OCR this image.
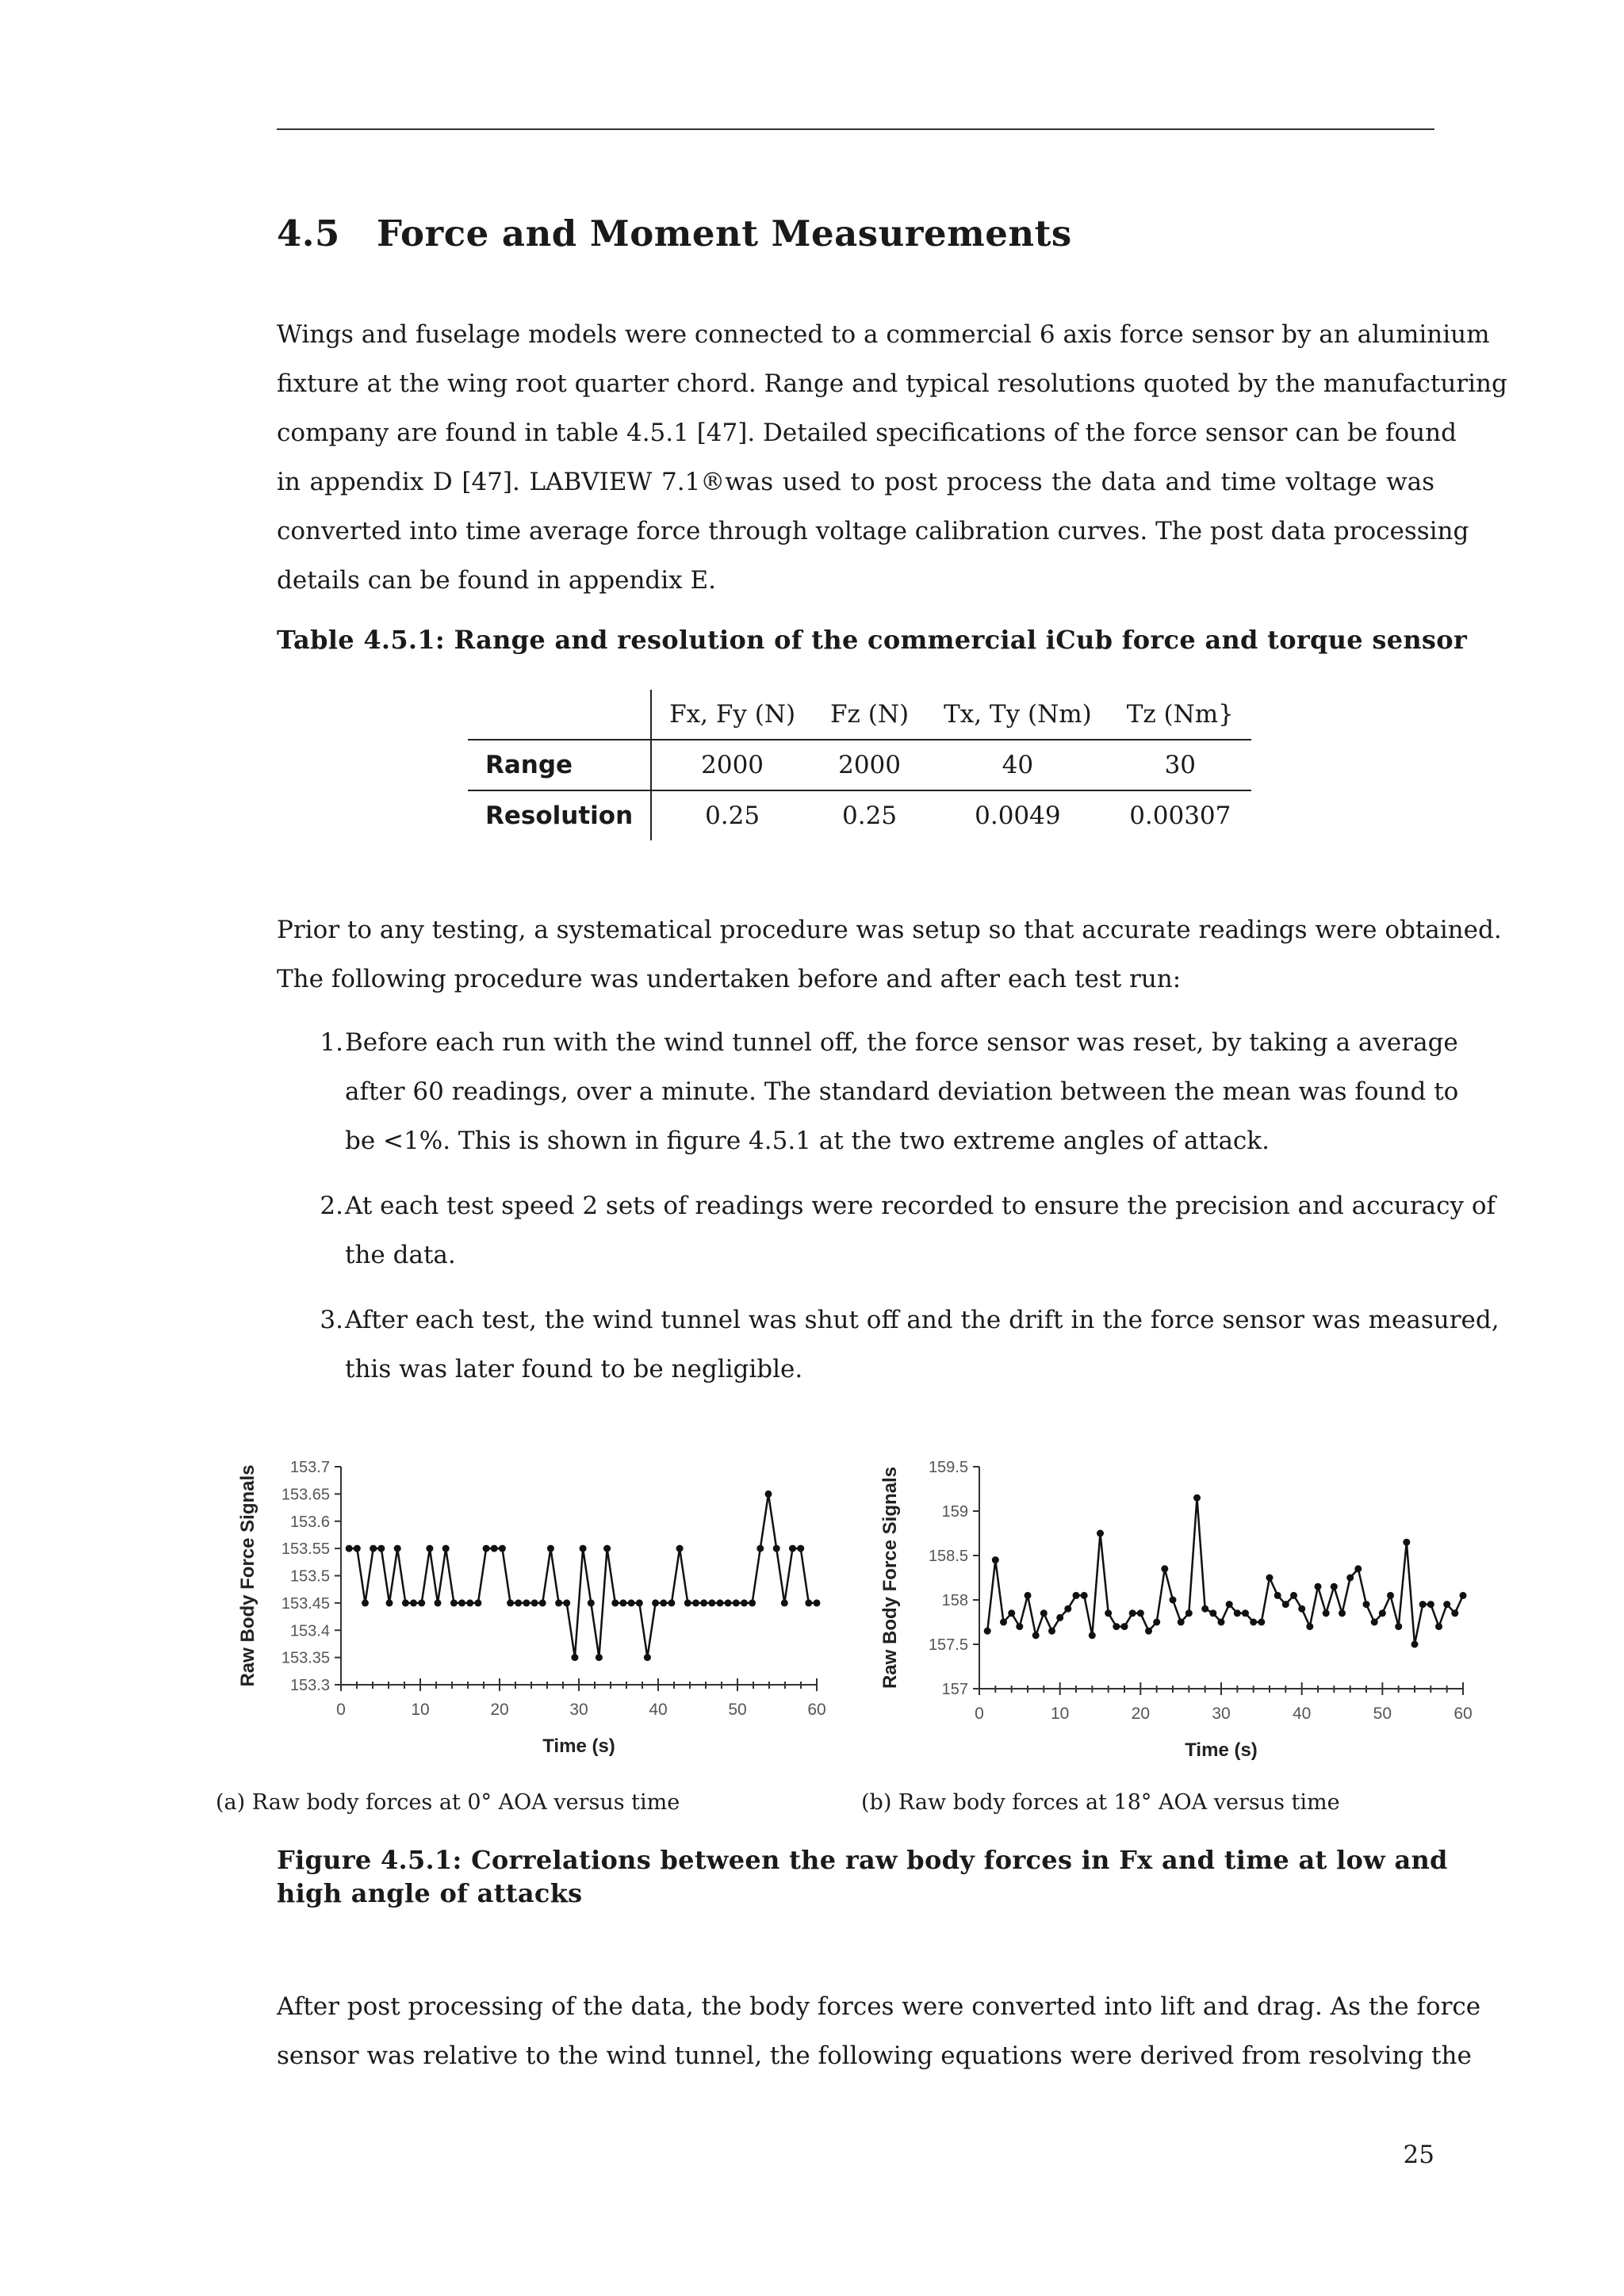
4.5 Force and Moment Measurements
Wings and fuselage models were connected to a commercial 6 axis force sensor by an aluminium
fixture at the wing root quarter chord. Range and typical resolutions quoted by the manufacturing
company are found in table 4.5.1 [47]. Detailed specifications of the force sensor can be found
in appendix D [47]. LABVIEW 7.1®was used to post process the data and time voltage was
converted into time average force through voltage calibration curves. The post data processing
details can be found in appendix E.
Table 4.5.1: Range and resolution of the commercial iCub force and torque sensor
	Fx, Fy (N)	Fz (N)	Tx, Ty (Nm)	Tz (Nm}
Range	2000	2000	40	30
Resolution	0.25	0.25	0.0049	0.00307
Prior to any testing, a systematical procedure was setup so that accurate readings were obtained.
The following procedure was undertaken before and after each test run:
1. Before each run with the wind tunnel off, the force sensor was reset, by taking a average
after 60 readings, over a minute. The standard deviation between the mean was found to
be <1%. This is shown in figure 4.5.1 at the two extreme angles of attack.
2. At each test speed 2 sets of readings were recorded to ensure the precision and accuracy of
the data.
3. After each test, the wind tunnel was shut off and the drift in the force sensor was measured,
this was later found to be negligible.
153.3
153.35
153.4
153.45
153.5
153.55
153.6
153.65
153.7
0	10	20	30	40	50	60
Time (s)
Raw Body Force Signals
157
157.5
158
158.5
159
159.5
0	10	20	30	40	50	60
Time (s)
Raw Body Force Signals
(a) Raw body forces at 0° AOA versus time	(b) Raw body forces at 18° AOA versus time
Figure 4.5.1: Correlations between the raw body forces in Fx and time at low and
high angle of attacks
After post processing of the data, the body forces were converted into lift and drag. As the force
sensor was relative to the wind tunnel, the following equations were derived from resolving the
25
